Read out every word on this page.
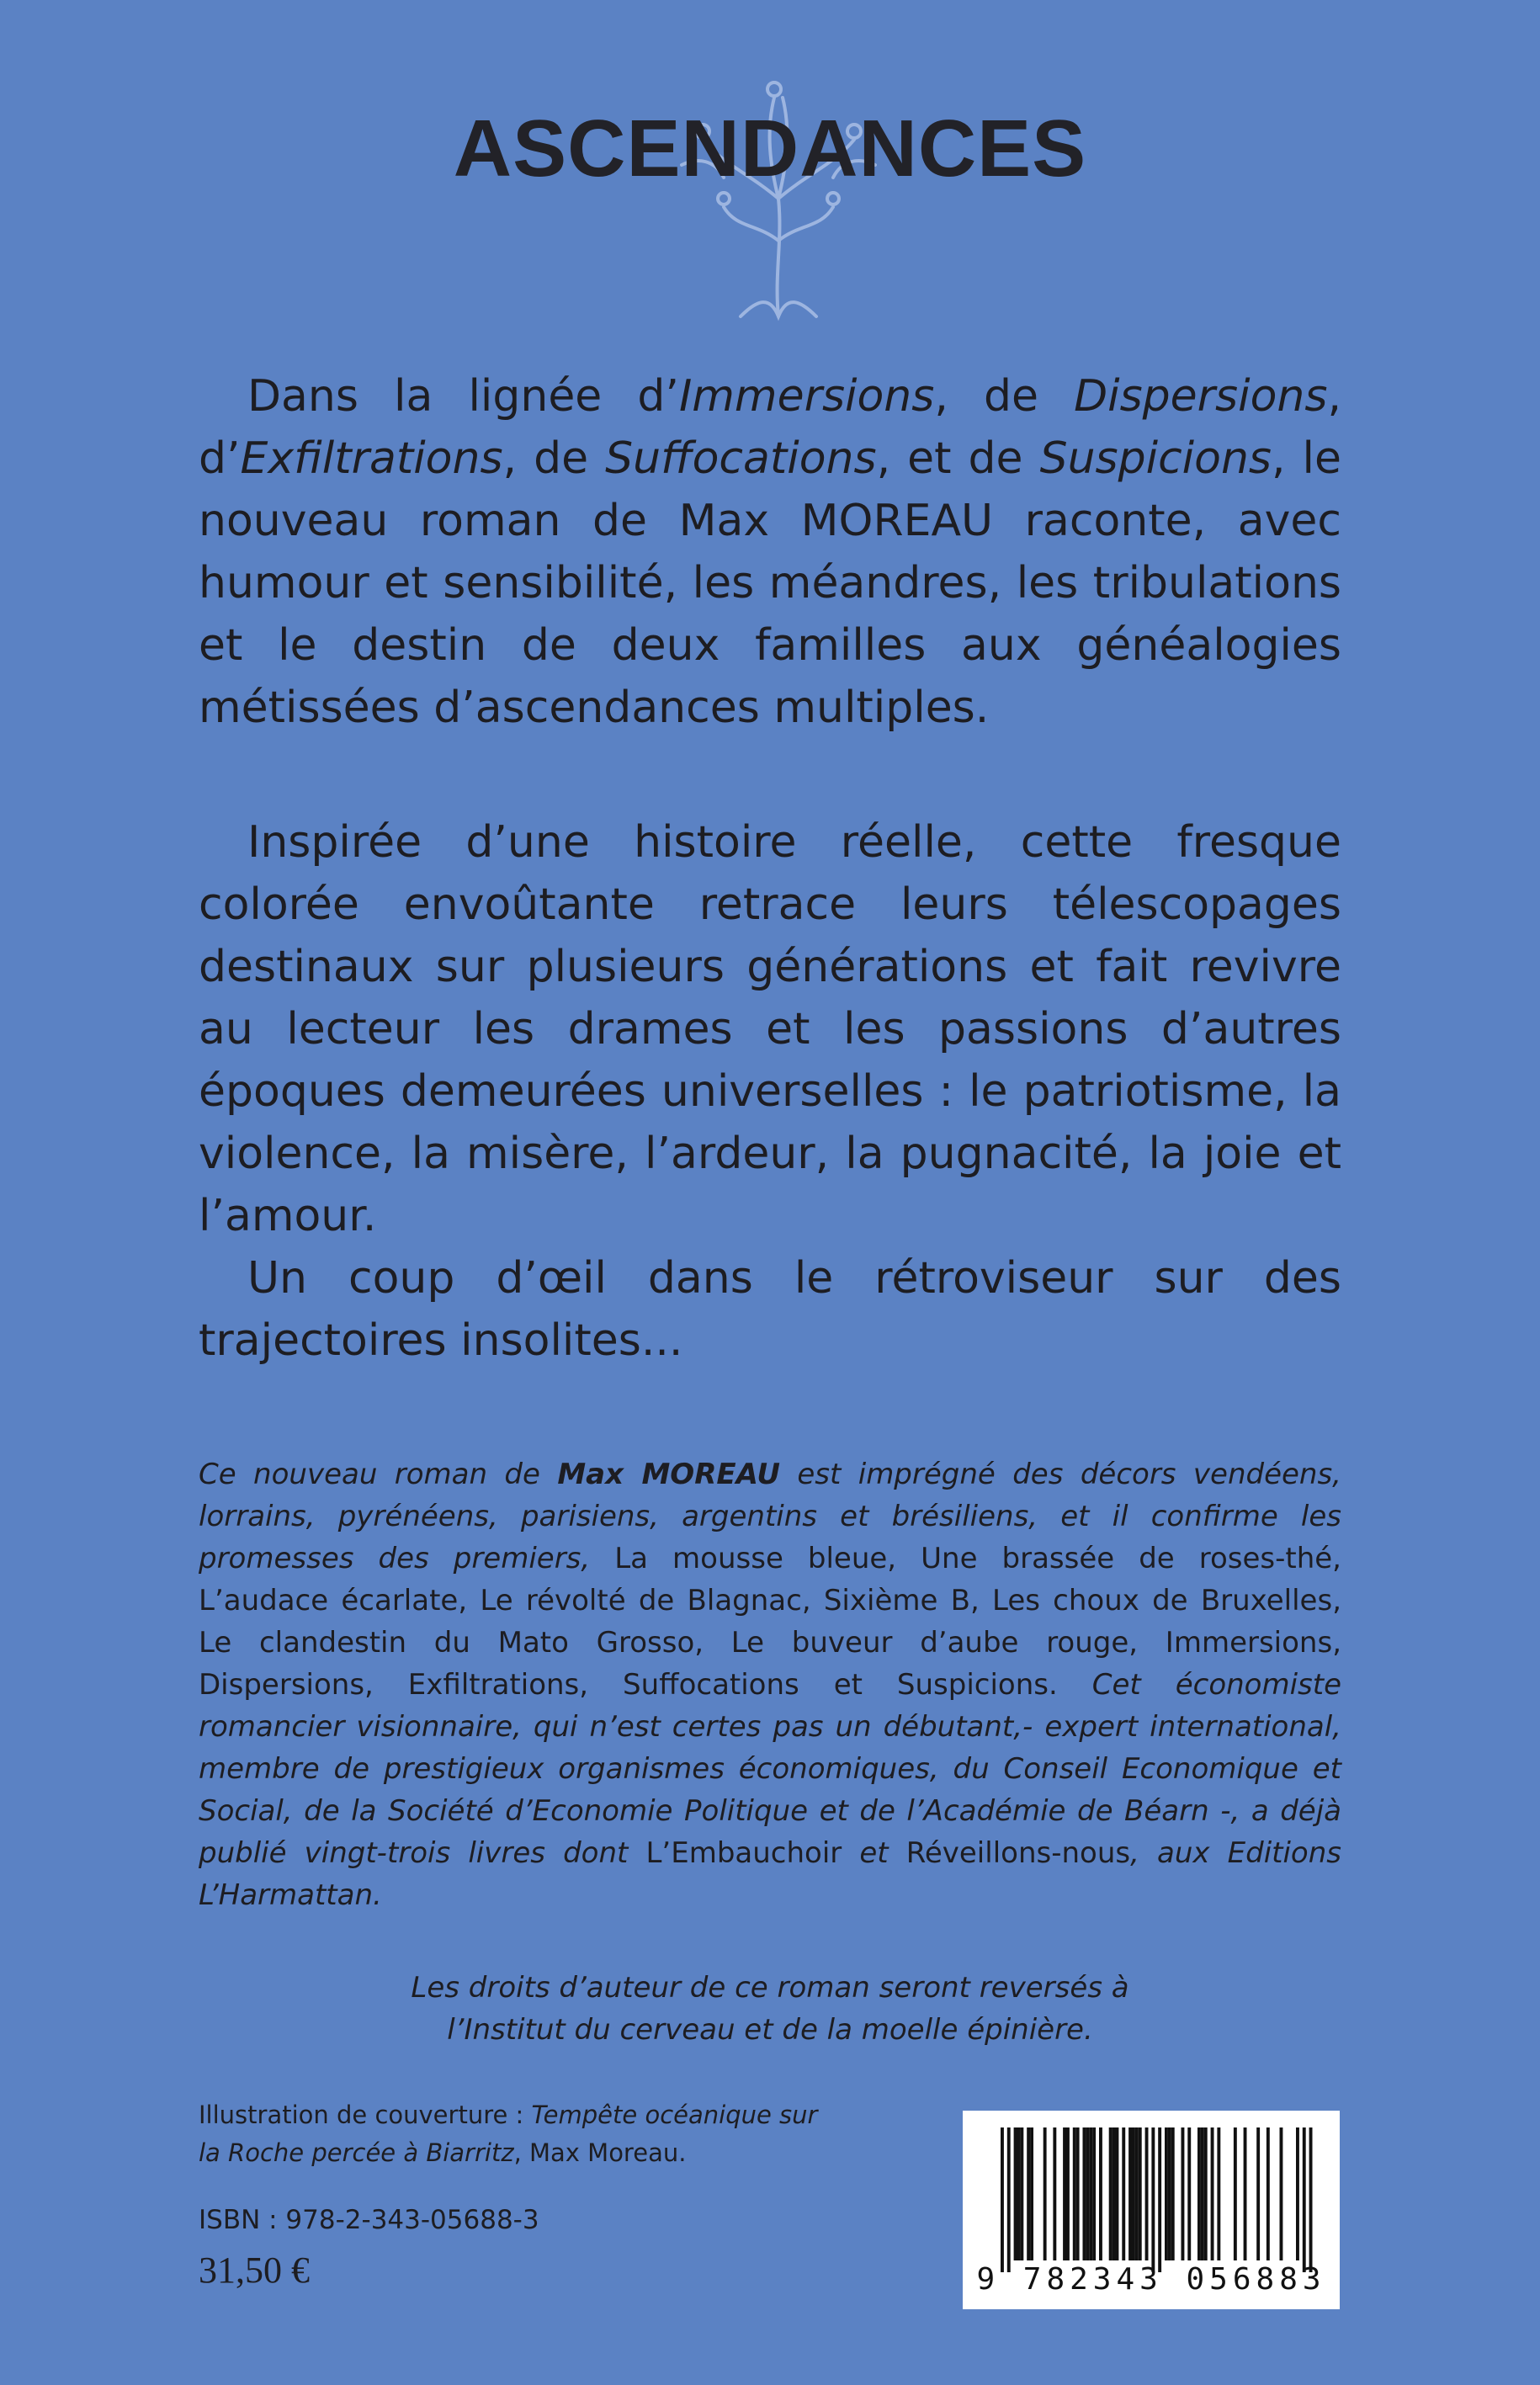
ASCENDANCES

Dans la lignée d’Immersions, de Dispersions, d’Exfiltrations, de Suffocations, et de Suspicions, le nouveau roman de Max MOREAU raconte, avec humour et sensibilité, les méandres, les tribulations et le destin de deux familles aux généalogies métissées d’ascendances multiples.

Inspirée d’une histoire réelle, cette fresque colorée envoûtante retrace leurs télescopages destinaux sur plusieurs générations et fait revivre au lecteur les drames et les passions d’autres époques demeurées universelles : le patriotisme, la violence, la misère, l’ardeur, la pugnacité, la joie et l’amour.

Un coup d’œil dans le rétroviseur sur des trajectoires insolites...

Ce nouveau roman de Max MOREAU est imprégné des décors vendéens, lorrains, pyrénéens, parisiens, argentins et brésiliens, et il confirme les promesses des premiers, La mousse bleue, Une brassée de roses-thé, L’audace écarlate, Le révolté de Blagnac, Sixième B, Les choux de Bruxelles, Le clandestin du Mato Grosso, Le buveur d’aube rouge, Immersions, Dispersions, Exfiltrations, Suffocations et Suspicions. Cet économiste romancier visionnaire, qui n’est certes pas un débutant,- expert international, membre de prestigieux organismes économiques, du Conseil Economique et Social, de la Société d’Economie Politique et de l’Académie de Béarn -, a déjà publié vingt-trois livres dont L’Embauchoir et Réveillons-nous, aux Editions L’Harmattan.
Les droits d’auteur de ce roman seront reversés à
l’Institut du cerveau et de la moelle épinière.
Illustration de couverture : Tempête océanique sur la Roche percée à Biarritz, Max Moreau.
ISBN : 978-2-343-05688-3
31,50 €	9 782343 056883
